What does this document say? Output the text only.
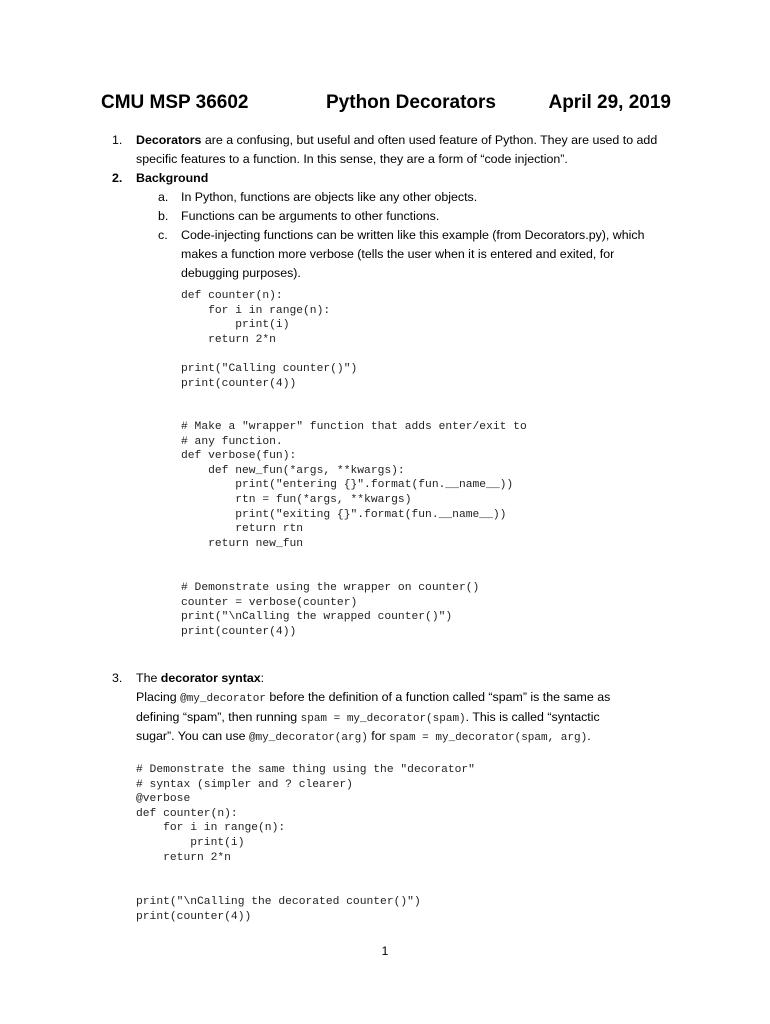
CMU MSP 36602	Python Decorators	April 29, 2019
1. Decorators are a confusing, but useful and often used feature of Python. They are used to add
specific features to a function. In this sense, they are a form of “code injection”.
2. Background
a. In Python, functions are objects like any other objects.
b. Functions can be arguments to other functions.
c. Code-injecting functions can be written like this example (from Decorators.py), which
makes a function more verbose (tells the user when it is entered and exited, for
debugging purposes).
def counter(n):
for i in range(n):
print(i)
return 2*n

print("Calling counter()")
print(counter(4))
# Make a "wrapper" function that adds enter/exit to
# any function.
def verbose(fun):
def new_fun(*args, **kwargs):
print("entering {}".format(fun.__name__))
rtn = fun(*args, **kwargs)
print("exiting {}".format(fun.__name__))
return rtn
return new_fun
# Demonstrate using the wrapper on counter()
counter = verbose(counter)
print("\nCalling the wrapped counter()")
print(counter(4))
3. The decorator syntax:
Placing @my_decorator before the definition of a function called “spam” is the same as
defining “spam”, then running spam = my_decorator(spam). This is called “syntactic
sugar”. You can use @my_decorator(arg) for spam = my_decorator(spam, arg).
# Demonstrate the same thing using the "decorator"
# syntax (simpler and ? clearer)
@verbose
def counter(n):
for i in range(n):
print(i)
return 2*n
print("\nCalling the decorated counter()")
print(counter(4))
1
